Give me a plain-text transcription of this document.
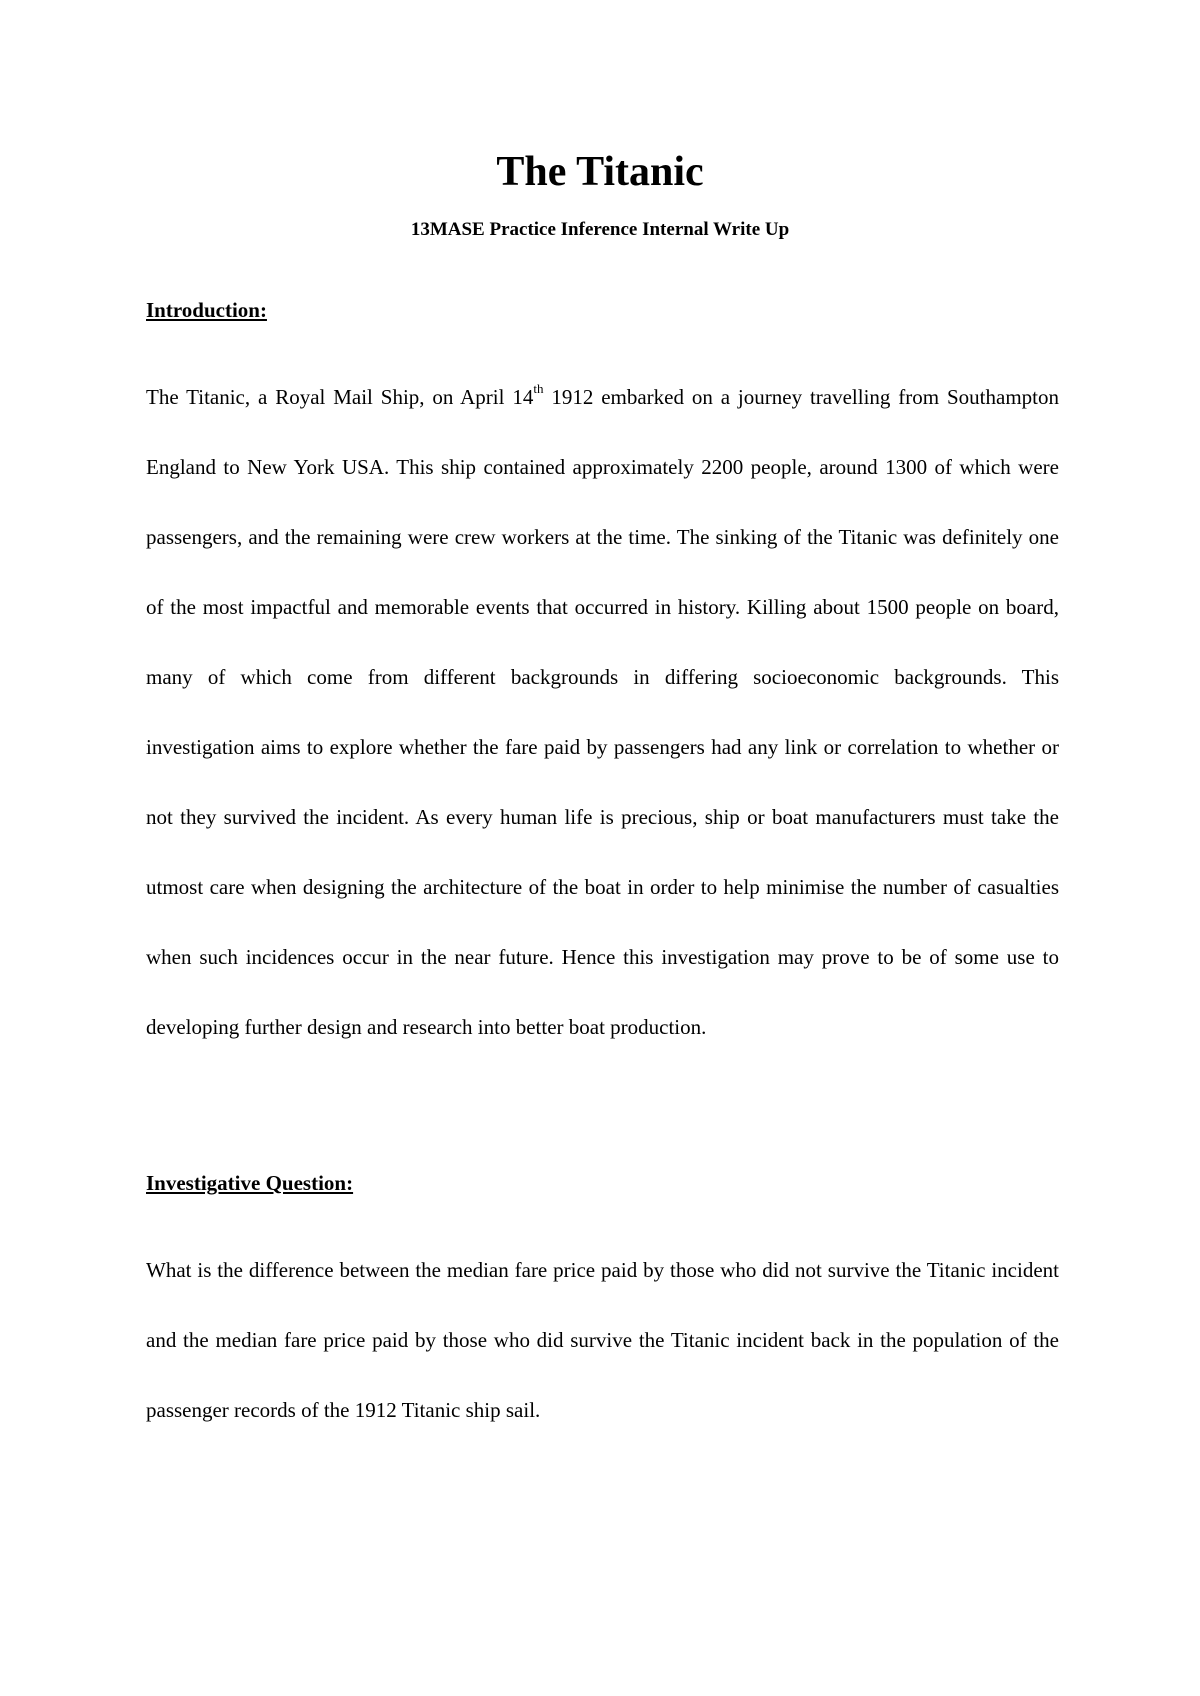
The Titanic
13MASE Practice Inference Internal Write Up
Introduction:

The Titanic, a Royal Mail Ship, on April 14th 1912 embarked on a journey travelling from Southampton England to New York USA. This ship contained approximately 2200 people, around 1300 of which were passengers, and the remaining were crew workers at the time. The sinking of the Titanic was definitely one of the most impactful and memorable events that occurred in history. Killing about 1500 people on board, many of which come from different backgrounds in differing socioeconomic backgrounds. This investigation aims to explore whether the fare paid by passengers had any link or correlation to whether or not they survived the incident. As every human life is precious, ship or boat manufacturers must take the utmost care when designing the architecture of the boat in order to help minimise the number of casualties when such incidences occur in the near future. Hence this investigation may prove to be of some use to developing further design and research into better boat production.

Investigative Question:

What is the difference between the median fare price paid by those who did not survive the Titanic incident and the median fare price paid by those who did survive the Titanic incident back in the population of the passenger records of the 1912 Titanic ship sail.
